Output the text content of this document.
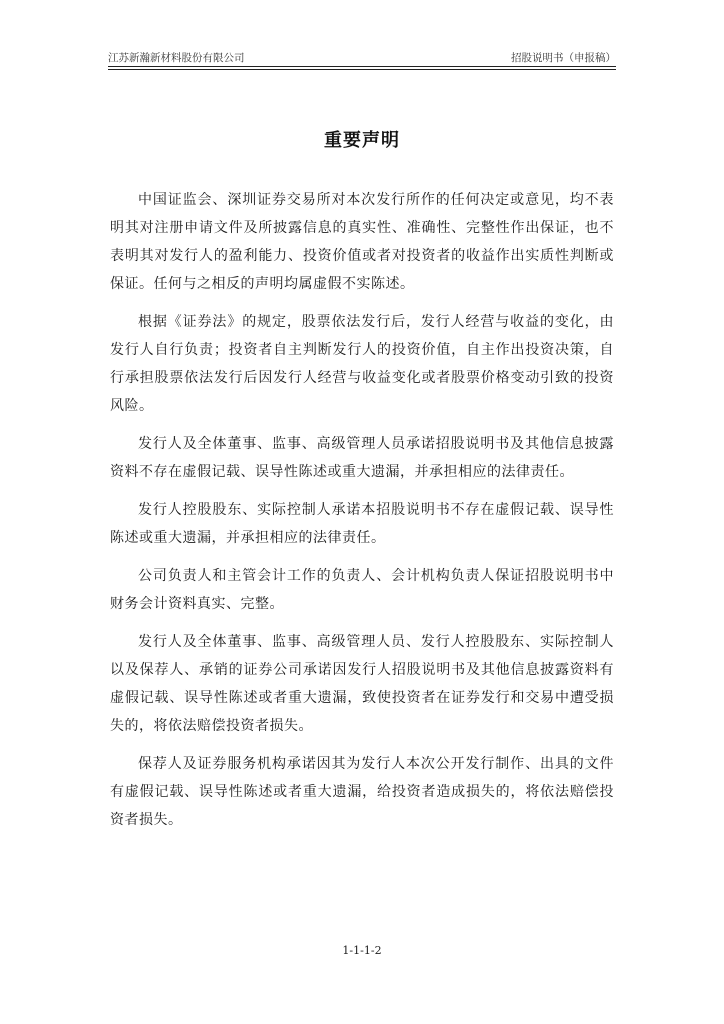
江苏新瀚新材料股份有限公司	招股说明书（申报稿）
重要声明

中国证监会、深圳证券交易所对本次发行所作的任何决定或意见，均不表明其对注册申请文件及所披露信息的真实性、准确性、完整性作出保证，也不表明其对发行人的盈利能力、投资价值或者对投资者的收益作出实质性判断或保证。任何与之相反的声明均属虚假不实陈述。

根据《证券法》的规定，股票依法发行后，发行人经营与收益的变化，由发行人自行负责；投资者自主判断发行人的投资价值，自主作出投资决策，自行承担股票依法发行后因发行人经营与收益变化或者股票价格变动引致的投资风险。

发行人及全体董事、监事、高级管理人员承诺招股说明书及其他信息披露资料不存在虚假记载、误导性陈述或重大遗漏，并承担相应的法律责任。

发行人控股股东、实际控制人承诺本招股说明书不存在虚假记载、误导性陈述或重大遗漏，并承担相应的法律责任。

公司负责人和主管会计工作的负责人、会计机构负责人保证招股说明书中财务会计资料真实、完整。

发行人及全体董事、监事、高级管理人员、发行人控股股东、实际控制人以及保荐人、承销的证券公司承诺因发行人招股说明书及其他信息披露资料有虚假记载、误导性陈述或者重大遗漏，致使投资者在证券发行和交易中遭受损失的，将依法赔偿投资者损失。

保荐人及证券服务机构承诺因其为发行人本次公开发行制作、出具的文件有虚假记载、误导性陈述或者重大遗漏，给投资者造成损失的，将依法赔偿投资者损失。

1-1-1-2
